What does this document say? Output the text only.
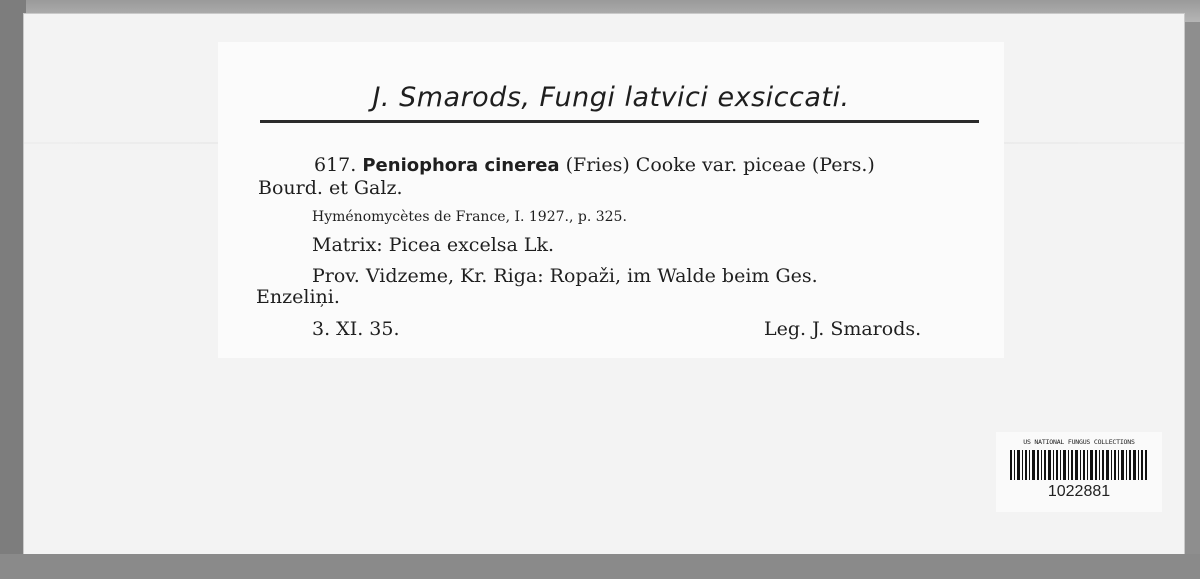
J. Smarods, Fungi latvici exsiccati.
617. Peniophora cinerea (Fries) Cooke var. piceae (Pers.)
Bourd. et Galz.
Hyménomycètes de France, I. 1927., p. 325.
Matrix: Picea excelsa Lk.
Prov. Vidzeme, Kr. Riga: Ropaži, im Walde beim Ges.
Enzeliņi.
3. XI. 35.	Leg. J. Smarods.
US NATIONAL FUNGUS COLLECTIONS
1022881
